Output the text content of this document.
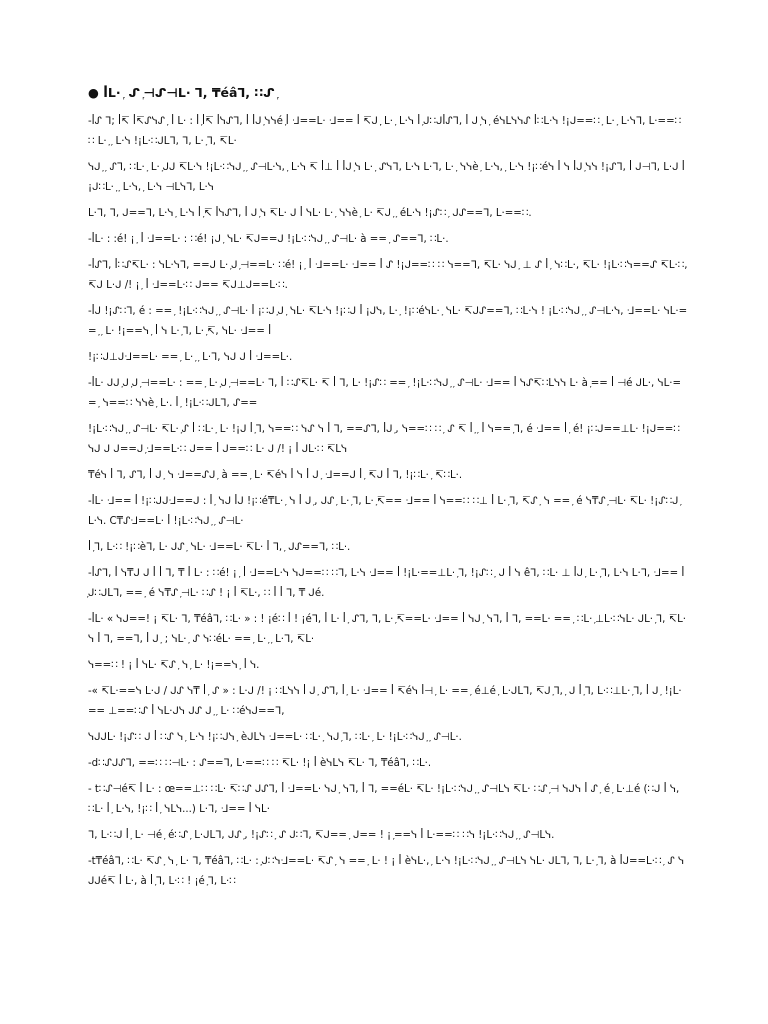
● ꟾL· ᷊ ᔑ ᷊⊣ᔑ⊣L· ᒣ, ₸éâᒣ, ∷ᔑ ᷊
-ꟾᔑ ᒣ; ꟾ↸ ꟾ↸ᔑᓭᔑ ᷊ ꟾ L· : ꟾ ᷊ꟾ↸ ꟾᓭᔑᒣ, ꟾ ꟾᒍ ᷊ᓭᓭé ᷊ꟾ ᒲ==L· ᒲ== ꟾ ↸ᒍ ᷊᷊ L· ᷊ L·ᓭ ꟾ ᷊ᒍ∷ᒍꟾᔑᒣ, ꟾ ᒍ ᷊ᓭ ᷊ éᓭLᓭᓭᔑ ꟾ∷L·ᓭ !¡ᒍ==∷ ᷊ L· ᷊ L·ᓭᒣ, L·==∷ ∷ L· ᷊ ᷊ L·ᓭ !¡L·∷ᒍLᒣ, ᒣ, L· ᷊ᒣ, ↸L·
ᓭᒍ ᷊ ᷊ ᔑᒣ, ∷L· ᷊ L· ᷊ᒍᒍ ↸L·ᓭ !¡L·∷ᓭᒍ ᷊ ᷊ ᔑ⊣L·ᓭ, ᷊ L·ᓭ ↸ ꟾ⊥ ꟾ ꟾᒍ ᷊ᓭ L· ᷊ ᔑᓭᒣ, L·ᓭ L·ᒣ, L· ᷊ ᓭᓭè ᷊ L·ᓭ, ᷊ L·ᓭ !¡∷éᓭ ꟾ ᓭ ꟾᒍ ᷊ᓭᓭ !¡ᔑᒣ, ꟾ ᒍ⊣ᒣ, L·ᒍ ꟾ¡ᒍ∷L· ᷊ ᷊ L·ᓭ, ᷊ L·ᓭ ⊣Lᓭᒣ, L·ᓭ
L·ᒣ, ᒣ, ᒍ==ᒣ, L·ᓭ ᷊ L·ᓭ ꟾ ᷊↸ ꟾᓭᔑᒣ, ꟾ ᒍ ᷊ᓭ ↸L· ᒍ ꟾ ᓭL· L· ᷊ ᓭᓭè ᷊ L· ↸ᒍ ᷊ ᷊ éL·ᓭ !¡ᔑ∷ ᷊ ᒍᔑ==ᒣ, L·==∷.
-ꟾL· : :é! ¡ ᷊ ꟾ ᒲ==L· : ∷é! ¡ᒍ ᷊ ᓭL· ↸ᒍ==ᒍ !¡L·∷ᓭᒍ ᷊ ᷊ ᔑ⊣L· à == ᷊ ᔑ==ᒣ, ∷L·.
-ꟾᔑᒣ, ꟾ∷ᔑ↸L· : ᓭL·ᓭᒣ, ==ᒍ L· ᷊ᒍ ᷊⊣==L· ∷é! ¡ ᷊ ꟾ ᒲ==L· ᒲ== ꟾ ᔑ !¡ᒍ==∷ ∷ ᓭ==ᒣ, ↸L· ᓭᒍ ᷊ ⊥ ᔑ ꟾ ᷊ ᓭ∷L·, ↸L· !¡L·∷ᓭ==ᔑ ↸L·∷, ↸ᒍ L·ᒍ /! ¡ ᷊ ꟾ ᒲ==L·∷ ᒍ== ↸ᒍ⊥ᒍ==L·∷.
-ꟾᒍ !¡ᔑ∷ᒣ, é : == ᷊ !¡L·∷ᓭᒍ ᷊ ᷊ ᔑ⊣L· ꟾ ¡∷ᒍ ᷊ᒍ ᷊ ᓭL· ↸L·ᓭ !¡∷ᒍ ꟾ ¡ᒍᓭ, L· ᷊ !¡∷éᓭL· ᷊ ᓭL· ↸ᒍᔑ==ᒣ, ∷L·ᓭ ! ¡L·∷ᓭᒍ ᷊ ᷊ ᔑ⊣L·ᓭ, ᒲ==L· ᓭL·== ᷊ ᷊ L· !¡==ᓭ ᷊ ꟾ ᓭ L· ᷊ᒣ, L· ᷊↸, ᓭL· ᒲ== ꟾ
!¡∷ᒍ⊥ᒍᒲ==L· == ᷊ L· ᷊ ᷊ L·ᒣ, ᓭᒍ ᒍ ꟾ ᒲ==L·.
-ꟾL· ᒍᒍ ᷊ᒍ ᷊ᒍ ᷊⊣==L· : == ᷊ L· ᷊ᒍ ᷊⊣==L· ᒣ, ꟾ ∷ᔑ↸L· ↸ ꟾ ᒣ, L· !¡ᔑ∷ == ᷊ !¡L·∷ᓭᒍ ᷊ ᷊ ᔑ⊣L· ᒲ== ꟾ ᓭᔑ↸∷Lᓭᓭ L· à ᷊== ꟾ ⊣é ᒍL·, ᓭL·== ᷊ ᓭ==∷ ᓭᓭè ᷊ L·. ꟾ ᷊ !¡L·∷ᒍLᒣ, ᔑ==
!¡L·∷ᓭᒍ ᷊ ᷊ ᔑ⊣L· ↸L· ᷊ᔑ ꟾ ∷L· ᷊ L· !¡ᒍ ꟾ ᷊ᒣ, ᓭ==∷ ᓭᔑ ᓭ ꟾ ᒣ, ==ᔑᒣ, ꟾᒍ ᷊, ᓭ==∷ ∷ ᷊ ᔑ ↸ ꟾ ᷊ ᷊ ꟾ ᓭ== ᷊ᒣ, é ᒲ== ꟾ ᷊ é! ¡∷ᒍ==⊥L· !¡ᒍ==∷ ᓭᒍ ᒍ ᒍ==ᒍ ᷊ᒲ==L·∷ ᒍ== ꟾ ᒍ==∷ L· ᒍ /! ¡ ꟾ ᒍL·∷ ↸Lᓭ
₸éᓭ ꟾ ᒣ, ᔑᒣ, ꟾ ᒍ ᷊ ᓭ ᒲ==ᔑᒍ ᷊ à == ᷊ L· ↸éᓭ ꟾ ᓭ ꟾ ᒍ ᷊ ᒲ==ᒍ ꟾ ᷊ ↸ᒍ ꟾ ᒣ, !¡∷L· ᷊ ↸∷L·.
-ꟾL· ᒲ== ꟾ !¡∷ᒍᒍᒲ==ᒍ : ꟾ ᷊ ᓭᒍ ꟾᒍ !¡∷é₸L· ᷊ ᓭ ꟾ ᒍ ᷊, ᒍᔑ ᷊ L· ᷊ᒣ, L· ᷊↸== ᒲ== ꟾ ᓭ==∷ ∷⊥ ꟾ L· ᷊ᒣ, ↸ᔑ ᷊ ᓭ == ᷊ é ᓭ₸ᔑ ᷊⊣L· ↸L· !¡ᔑ∷ᒍ ᷊ L·ᓭ. C₸ᔑᒲ==L· ꟾ !¡L·∷ᓭᒍ ᷊ ᷊ ᔑ⊣L·
ꟾ ᷊ᒣ, L·∷ !¡∷èᒣ, L· ᒍᔑ ᷊ ᓭL· ᒲ==L· ↸L· ꟾ ᒣ, ᷊ ᒍᔑ==ᒣ, ∷L·.
-ꟾᔑᒣ, ꟾ ᓭ₸ᒍ ᒍ ꟾ ꟾ ᒣ, ₸ ꟾ L· : ∷é! ¡ ᷊ ꟾ ᒲ==L·ᓭ ᓭᒍ==∷ ∷ᒣ, L·ᓭ ᒲ== ꟾ !¡L·==⊥L· ᷊ᒣ, !¡ᔑ∷ ᷊ ᒍ ꟾ ᓭ êᒣ, ∷L· ⊥ ꟾᒍ ᷊ L· ᷊ᒣ, L·ᓭ L·ᒣ, ᒲ== ꟾ ᷊ᒍ∷ᒍLᒣ, == ᷊ é ᓭ₸ᔑ ᷊⊣L· ∷ᔑ ! ¡ ꟾ ↸L·, ∷ ꟾ ꟾ ᒣ, ₸ ᒍé.
-ꟾL· « ᓭᒍ==! ¡ ↸L· ᒣ, ₸éâᒣ, ∷L· » : ! ¡é∷ ꟾ ! ¡éᒣ, ꟾ L· ꟾ ᷊ ᔑᒣ, ᒣ, L· ᷊↸==L· ᒲ== ꟾ ᓭᒍ ᷊ ᓭᒣ, ꟾ ᒣ, ==L· == ᷊ ∷L· ᷊⊥L·∷ᓭL· ᒍL· ᷊ᒣ, ↸L·ᓭ ꟾ ᒣ, ==ᒣ, ꟾ ᒍ ᷊ ; ᓭL· ᷊ ᔑ ᓭ∷éL· == ᷊ L· ᷊ ᷊ L·ᒣ, ↸L·
ᓭ==∷ ! ¡ ꟾ ᓭL· ↸ᔑ ᷊ ᓭ ᷊ L· !¡==ᓭ ᷊ ꟾ ᓭ.
-« ↸L·==ᓭ L·ᒍ / ᒍᔑ ᓭ₸ ꟾ ᷊ ᔑ » : L·ᒍ /! ¡ ∷Lᓭᓭ ꟾ ᒍ ᷊ ᔑᒣ, ꟾ ᷊ L· ᒲ== ꟾ ↸éᓭ ꟾ⊣ ᷊ L· == ᷊ é⊥é ᷊ L·ᒍLᒣ, ↸ᒍ ᷊ᒣ, ᷊ ᒍ ꟾ ᷊ᒣ, L·∷⊥L· ᷊ᒣ, ꟾ ᒍ ᷊ !¡L·== ⊥==∷ᔑ ꟾ ᓭL·ᒍᓭ ᒍᔑ ᒍ ᷊ ᷊ L· ∷éᓭᒍ==ᒣ,
ᓭᒍᒍL· !¡ᔑ∷ ᒍ ꟾ ∷ᔑ ᓭ ᷊ L·ᓭ !¡∷ᒍᓭ ᷊ èᒍLᓭ ᒲ==L· ∷L· ᷊ ᓭᒍ ᷊ᒣ, ∷L· ᷊ L· !¡L·∷ᓭᒍ ᷊ ᷊ ᔑ⊣L·.
-d∷ᔑᒍᔑᒣ, ==∷ ∷⊣L· : ᔑ==ᒣ, L·==∷ ∷ ↸L· !¡ ꟾ èᓭLᓭ ↸L· ᒣ, ₸éâᒣ, ∷L·.
- t∷ᔑ⊣é↸ ꟾ L· : œ==⊥∷ ∷L· ↸∷ᔑ ᒍᔑᒣ, ꟾ ᒲ==L· ᓭᒍ ᷊ ᓭᒣ, ꟾ ᒣ, ==éL· ↸L· !¡L·∷ᓭᒍ ᷊ ᷊ ᔑ⊣Lᓭ ↸L· ∷ᔑ ᷊⊣ ᓭᒍᓭ ꟾ ᔑ ᷊ é ᷊ L·⊥é (∷ᒍ ꟾ ᓭ, ∷L· ꟾ ᷊ L·ᓭ, !¡∷ ꟾ ᷊ ᓭLᓭ...) L·ᒣ, ᒲ== ꟾ ᓭL·
ᒣ, L·∷ᒍ ꟾ ᷊ L· ⊣é ᷊ é∷ᔑ ᷊ L·ᒍLᒣ, ᒍᔑ ᷊, !¡ᔑ∷ ᷊ ᔑ ᒍ∷ᒣ, ↸ᒍ== ᷊ ᒍ== ! ¡ ᷊==ᓭ ꟾ L·==∷ ∷ᓭ !¡L·∷ᓭᒍ ᷊ ᷊ ᔑ⊣Lᓭ.
-t₸éâᒣ, ∷L· ↸ᔑ ᷊ ᓭ ᷊ L· ᒣ, ₸éâᒣ, ∷L· : ᷊ᒍ∷ᓭᒲ==L· ↸ᔑ ᷊ ᓭ == ᷊ L· ! ¡ ꟾ èᓭL·, ᷊ L·ᓭ !¡L·∷ᓭᒍ ᷊ ᷊ ᔑ⊣Lᓭ ᓭL· ᒍLᒣ, ᒣ, L· ᷊ᒣ, à ꟾᒍ==L·∷ ᷊ ᔑ ᓭᒍᒍé↸ ꟾ L·, à ꟾ ᷊ᒣ, L·∷ ! ¡é ᷊ᒣ, L·∷
